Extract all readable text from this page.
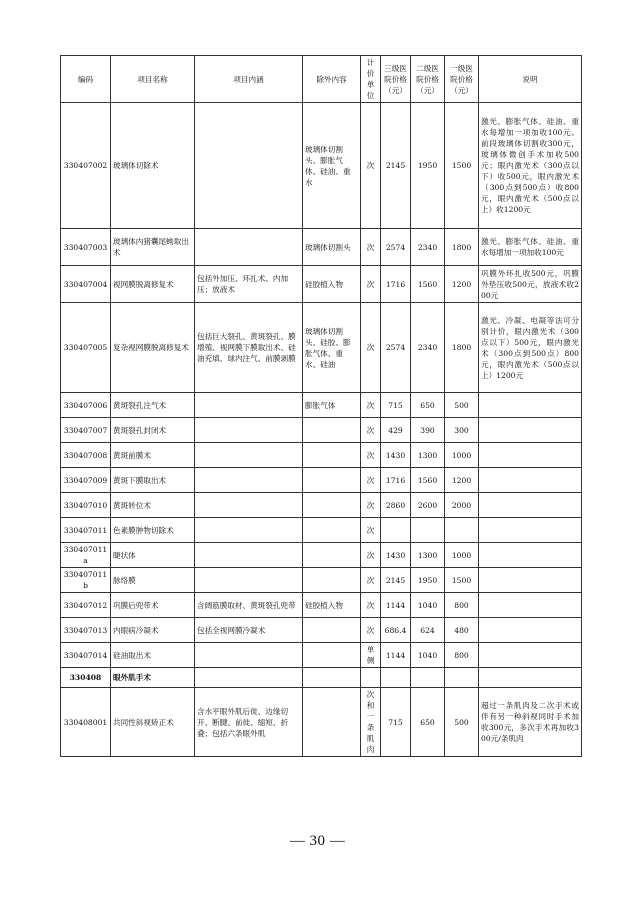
编码	项目名称	项目内涵	除外内容	计价单位	三级医院价格（元）	二级医院价格（元）	一级医院价格（元）	说明
330407002	玻璃体切除术		玻璃体切割头、膨胀气体、硅油、重水	次	2145	1950	1500	激光、膨胀气体、硅油、重水每增加一项加收100元。前段玻璃体切割收300元，玻璃体微创手术加收500元；眼内激光术（300点以下）收500元，眼内激光术（300点到500点）收800元，眼内激光术（500点以上）收1200元
330407003	玻璃体内猪囊尾蚴取出术		玻璃体切割头	次	2574	2340	1800	激光、膨胀气体、硅油、重水每增加一项加收100元
330407004	视网膜脱离修复术	包括外加压、环扎术、内加压；放液术	硅胶植入物	次	1716	1560	1200	巩膜外环扎收500元，巩膜外垫压收500元，放液术收200元
330407005	复杂视网膜脱离修复术	包括巨大裂孔、黄斑裂孔、膜增殖、视网膜下膜取出术、硅油充填、球内注气、前膜剥膜	玻璃体切割头、硅胶、膨胀气体、重水、硅油	次	2574	2340	1800	激光、冷凝、电凝等法可分别计价，眼内激光术（300点以下）500元，眼内激光术（300点到500点）800元，眼内激光术（500点以上）1200元
330407006	黄斑裂孔注气术		膨胀气体	次	715	650	500	
330407007	黄斑裂孔封闭术			次	429	390	300	
330407008	黄斑前膜术			次	1430	1300	1000	
330407009	黄斑下膜取出术			次	1716	1560	1200	
330407010	黄斑转位术			次	2860	2600	2000	
330407011	色素膜肿物切除术			次				
330407011a	睫状体			次	1430	1300	1000	
330407011b	脉络膜			次	2145	1950	1500	
330407012	巩膜后兜带术	含阔筋膜取材、黄斑裂孔兜带	硅胶植入物	次	1144	1040	800	
330407013	内眼病冷凝术	包括全视网膜冷凝术		次	686.4	624	480	
330407014	硅油取出术			单侧	1144	1040	800	
330408	眼外肌手术							
330408001	共同性斜视矫正术	含水平眼外肌后徙、边缘切开、断腱、前徙、缩短、折叠；包括六条眼外肌		次和一条肌肉	715	650	500	超过一条肌肉及二次手术或伴有另一种斜视同时手术加收300元，多次手术再加收300元/条肌肉
— 30 —
